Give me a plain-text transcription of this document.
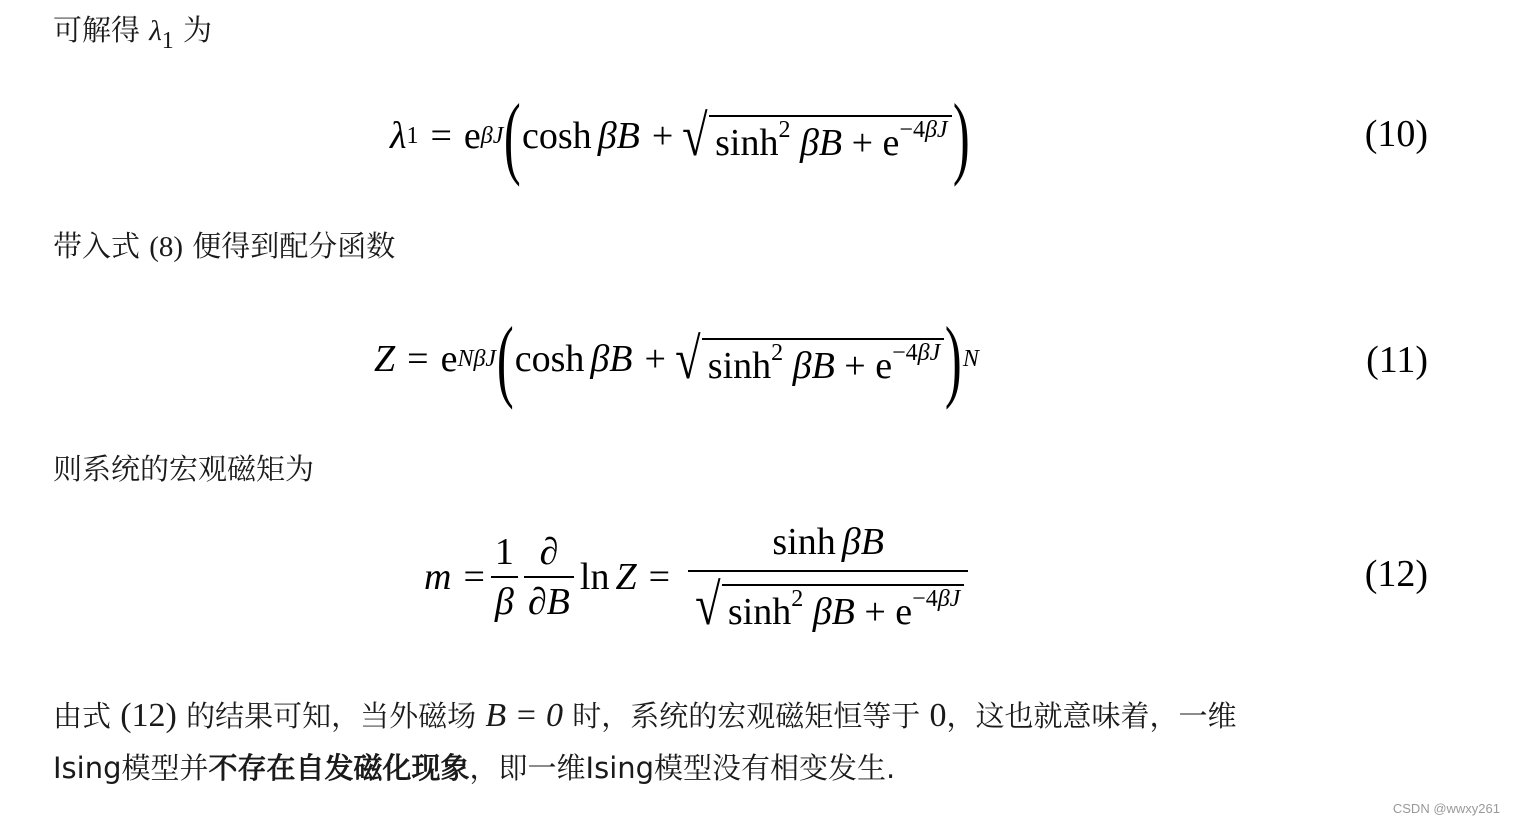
可解得 $\lambda_1$ 为
λ 1 = e βJ ( cosh βB + √ $\sinh^2 \beta B + e^{-4\beta J}$ )	(10)
带入式 (8) 便得到配分函数
Z = e NβJ ( cosh βB + √ $\sinh^2 \beta B + e^{-4\beta J}$ ) N	(11)
则系统的宏观磁矩为
$m = \frac{1}{\beta} \frac{\partial}{\partial B}$ $\ln Z = \frac{\text{sinh βB}}{√ \sinh^2 \beta B + e^{-4\beta J}}$	(12)
由式 (12) 的结果可知，当外磁场 B = 0 时，系统的宏观磁矩恒等于 0，这也就意味着，一维
Ising模型并不存在自发磁化现象，即一维Ising模型没有相变发生.
CSDN @wwxy261
